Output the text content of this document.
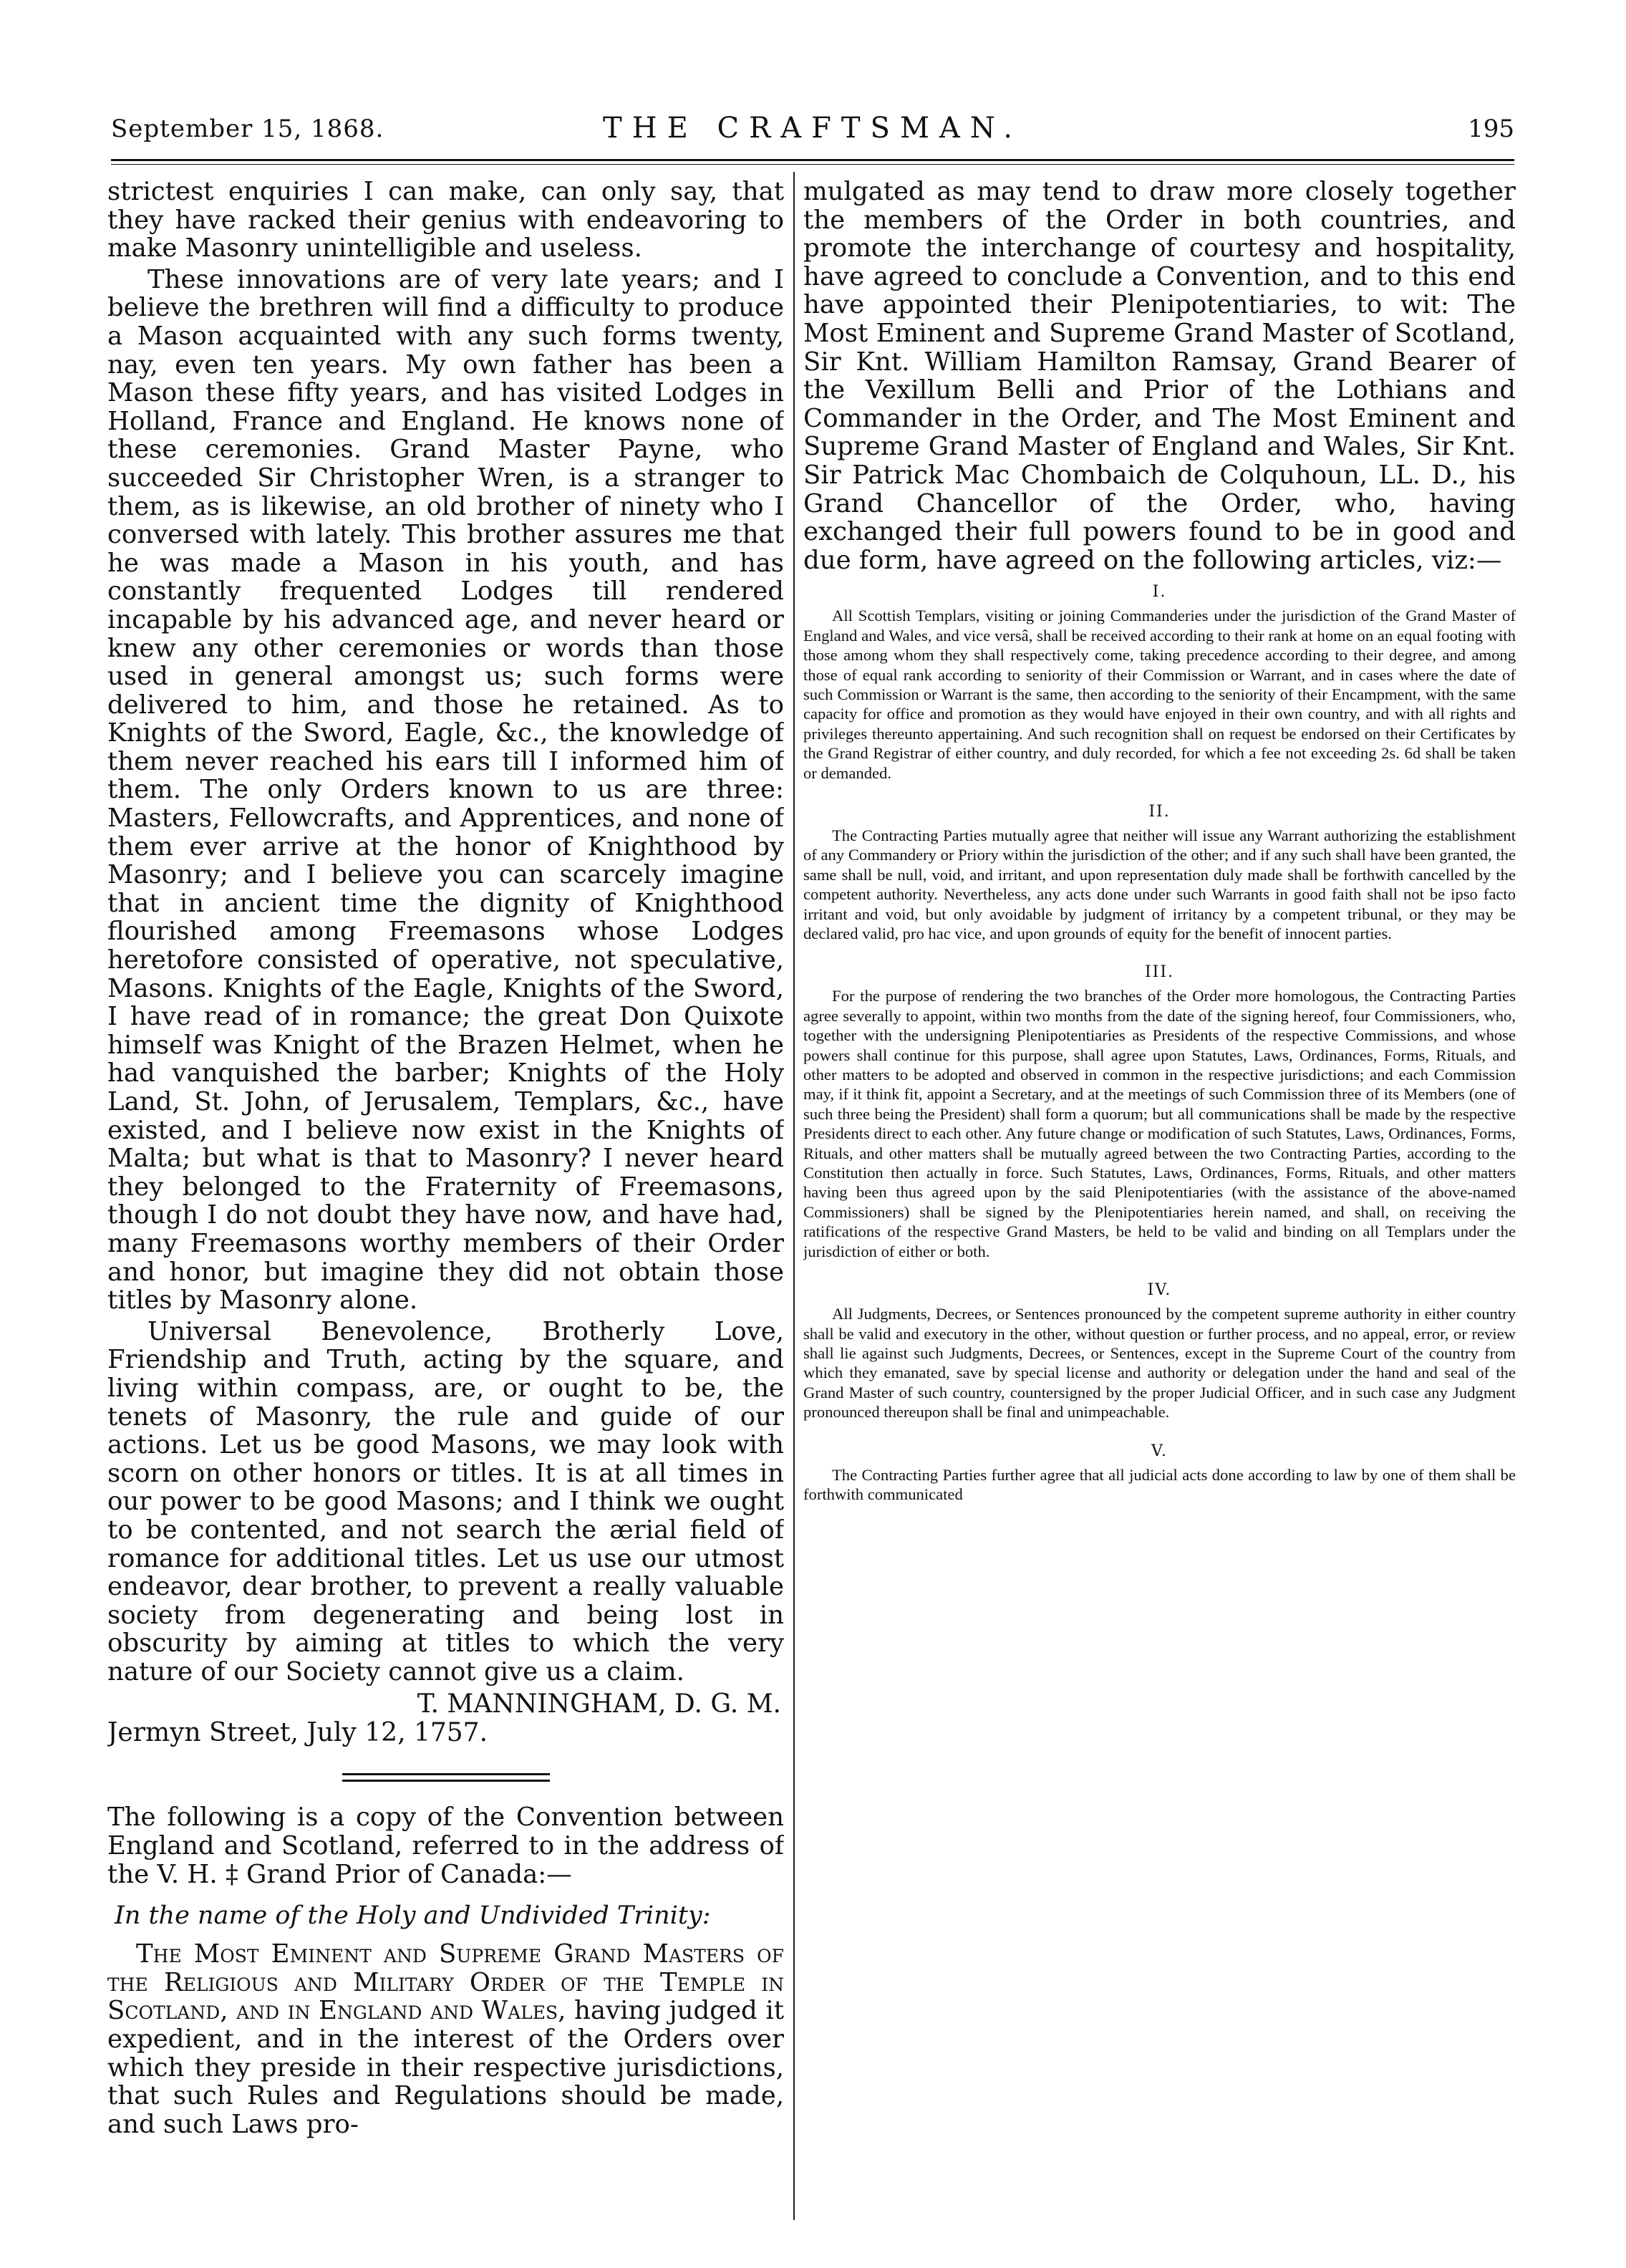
September 15, 1868.	THE CRAFTSMAN.	195

strictest enquiries I can make, can only say, that they have racked their genius with endeavoring to make Masonry unintelligible and useless.

These innovations are of very late years; and I believe the brethren will find a difficulty to produce a Mason acquainted with any such forms twenty, nay, even ten years. My own father has been a Mason these fifty years, and has visited Lodges in Holland, France and England. He knows none of these ceremonies. Grand Master Payne, who succeeded Sir Christopher Wren, is a stranger to them, as is likewise, an old brother of ninety who I conversed with lately. This brother assures me that he was made a Mason in his youth, and has constantly frequented Lodges till rendered incapable by his advanced age, and never heard or knew any other ceremonies or words than those used in general amongst us; such forms were delivered to him, and those he retained. As to Knights of the Sword, Eagle, &c., the knowledge of them never reached his ears till I informed him of them. The only Orders known to us are three: Masters, Fellowcrafts, and Apprentices, and none of them ever arrive at the honor of Knighthood by Masonry; and I believe you can scarcely imagine that in ancient time the dignity of Knighthood flourished among Freemasons whose Lodges heretofore consisted of operative, not speculative, Masons. Knights of the Eagle, Knights of the Sword, I have read of in romance; the great Don Quixote himself was Knight of the Brazen Helmet, when he had vanquished the barber; Knights of the Holy Land, St. John, of Jerusalem, Templars, &c., have existed, and I believe now exist in the Knights of Malta; but what is that to Masonry? I never heard they belonged to the Fraternity of Freemasons, though I do not doubt they have now, and have had, many Freemasons worthy members of their Order and honor, but imagine they did not obtain those titles by Masonry alone.

Universal Benevolence, Brotherly Love, Friendship and Truth, acting by the square, and living within compass, are, or ought to be, the tenets of Masonry, the rule and guide of our actions. Let us be good Masons, we may look with scorn on other honors or titles. It is at all times in our power to be good Masons; and I think we ought to be contented, and not search the ærial field of romance for additional titles. Let us use our utmost endeavor, dear brother, to prevent a really valuable society from degenerating and being lost in obscurity by aiming at titles to which the very nature of our Society cannot give us a claim.

T. MANNINGHAM, D. G. M.

Jermyn Street, July 12, 1757.

The following is a copy of the Convention between England and Scotland, referred to in the address of the V. H. ‡ Grand Prior of Canada:—

In the name of the Holy and Undivided Trinity:

The Most Eminent and Supreme Grand Masters of the Religious and Military Order of the Temple in Scotland, and in England and Wales, having judged it expedient, and in the interest of the Orders over which they preside in their respective jurisdictions, that such Rules and Regulations should be made, and such Laws pro-

mulgated as may tend to draw more closely together the members of the Order in both countries, and promote the interchange of courtesy and hospitality, have agreed to conclude a Convention, and to this end have appointed their Plenipotentiaries, to wit: The Most Eminent and Supreme Grand Master of Scotland, Sir Knt. William Hamilton Ramsay, Grand Bearer of the Vexillum Belli and Prior of the Lothians and Commander in the Order, and The Most Eminent and Supreme Grand Master of England and Wales, Sir Knt. Sir Patrick Mac Chombaich de Colquhoun, LL. D., his Grand Chancellor of the Order, who, having exchanged their full powers found to be in good and due form, have agreed on the following articles, viz:—

I.

All Scottish Templars, visiting or joining Commanderies under the jurisdiction of the Grand Master of England and Wales, and vice versâ, shall be received according to their rank at home on an equal footing with those among whom they shall respectively come, taking precedence according to their degree, and among those of equal rank according to seniority of their Commission or Warrant, and in cases where the date of such Commission or Warrant is the same, then according to the seniority of their Encampment, with the same capacity for office and promotion as they would have enjoyed in their own country, and with all rights and privileges thereunto appertaining. And such recognition shall on request be endorsed on their Certificates by the Grand Registrar of either country, and duly recorded, for which a fee not exceeding 2s. 6d shall be taken or demanded.

II.

The Contracting Parties mutually agree that neither will issue any Warrant authorizing the establishment of any Commandery or Priory within the jurisdiction of the other; and if any such shall have been granted, the same shall be null, void, and irritant, and upon representation duly made shall be forthwith cancelled by the competent authority. Nevertheless, any acts done under such Warrants in good faith shall not be ipso facto irritant and void, but only avoidable by judgment of irritancy by a competent tribunal, or they may be declared valid, pro hac vice, and upon grounds of equity for the benefit of innocent parties.

III.

For the purpose of rendering the two branches of the Order more homologous, the Contracting Parties agree severally to appoint, within two months from the date of the signing hereof, four Commissioners, who, together with the undersigning Plenipotentiaries as Presidents of the respective Commissions, and whose powers shall continue for this purpose, shall agree upon Statutes, Laws, Ordinances, Forms, Rituals, and other matters to be adopted and observed in common in the respective jurisdictions; and each Commission may, if it think fit, appoint a Secretary, and at the meetings of such Commission three of its Members (one of such three being the President) shall form a quorum; but all communications shall be made by the respective Presidents direct to each other. Any future change or modification of such Statutes, Laws, Ordinances, Forms, Rituals, and other matters shall be mutually agreed between the two Contracting Parties, according to the Constitution then actually in force. Such Statutes, Laws, Ordinances, Forms, Rituals, and other matters having been thus agreed upon by the said Plenipotentiaries (with the assistance of the above-named Commissioners) shall be signed by the Plenipotentiaries herein named, and shall, on receiving the ratifications of the respective Grand Masters, be held to be valid and binding on all Templars under the jurisdiction of either or both.

IV.

All Judgments, Decrees, or Sentences pronounced by the competent supreme authority in either country shall be valid and executory in the other, without question or further process, and no appeal, error, or review shall lie against such Judgments, Decrees, or Sentences, except in the Supreme Court of the country from which they emanated, save by special license and authority or delegation under the hand and seal of the Grand Master of such country, countersigned by the proper Judicial Officer, and in such case any Judgment pronounced thereupon shall be final and unimpeachable.

V.

The Contracting Parties further agree that all judicial acts done according to law by one of them shall be forthwith communicated
